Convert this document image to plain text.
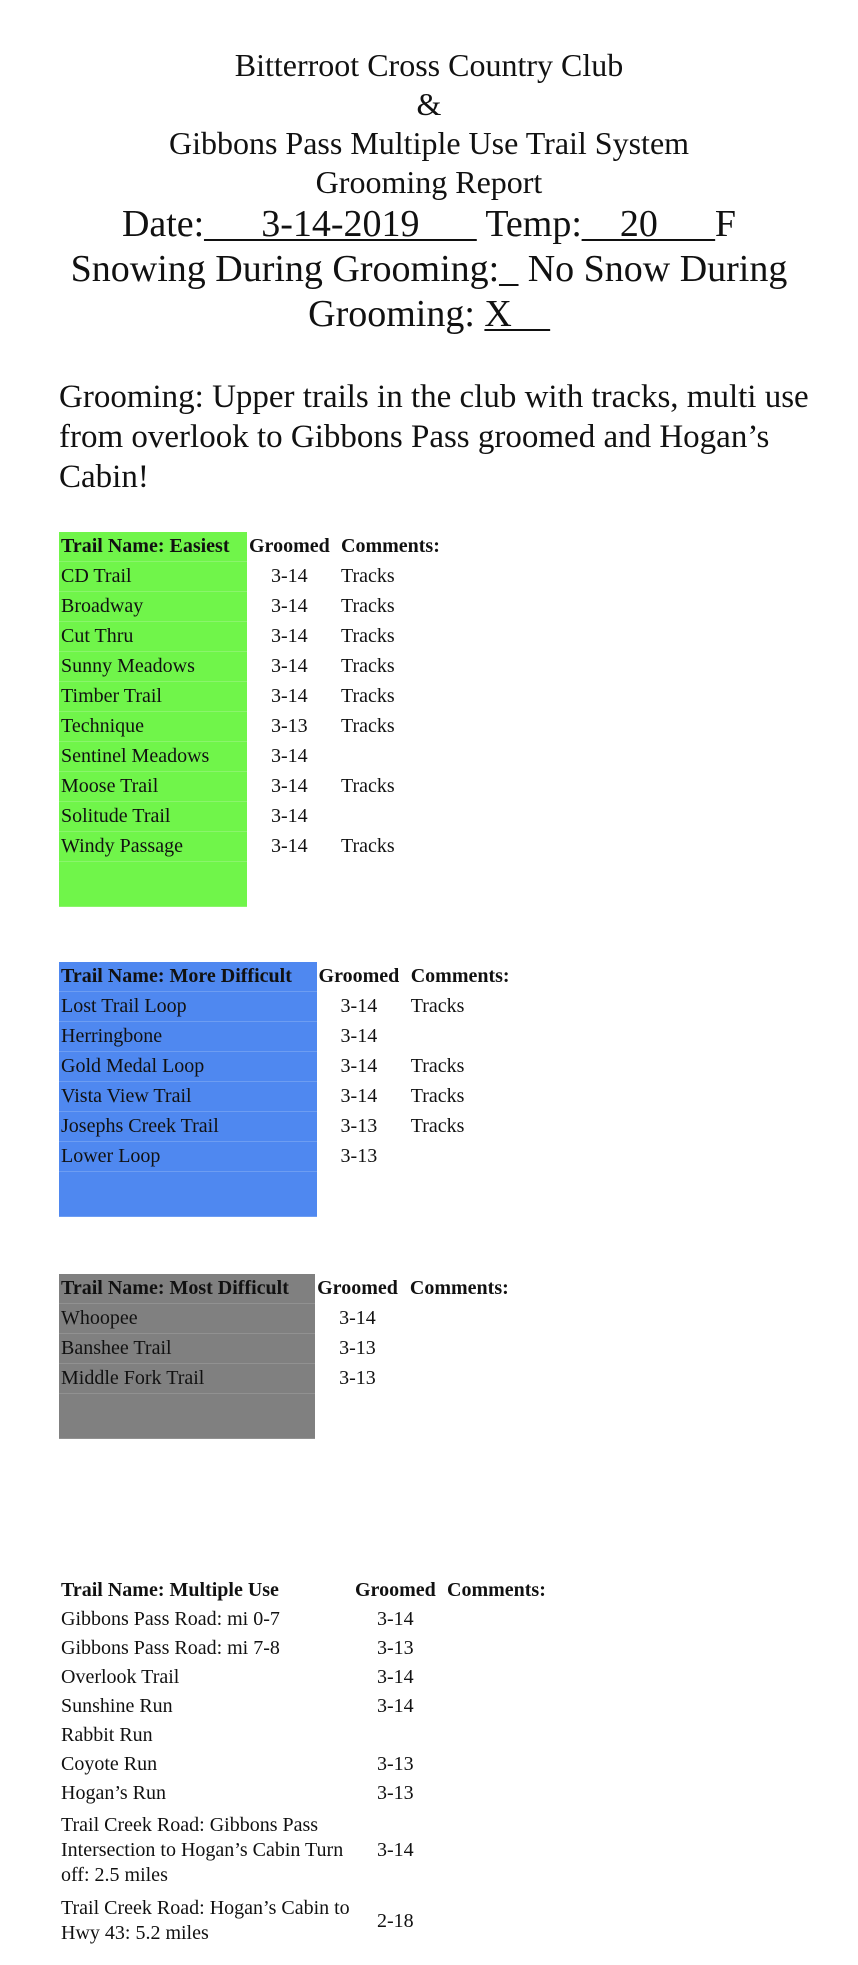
Bitterroot Cross Country Club
&
Gibbons Pass Multiple Use Trail System
Grooming Report
Date:___3-14-2019___ Temp:__20___F
Snowing During Grooming:_ No Snow During
Grooming: X__
Grooming: Upper trails in the club with tracks, multi use from overlook to Gibbons Pass groomed and Hogan’s Cabin!
Trail Name: Easiest	Groomed	Comments:
CD Trail	3-14	Tracks
Broadway	3-14	Tracks
Cut Thru	3-14	Tracks
Sunny Meadows	3-14	Tracks
Timber Trail	3-14	Tracks
Technique	3-13	Tracks
Sentinel Meadows	3-14	
Moose Trail	3-14	Tracks
Solitude Trail	3-14	
Windy Passage	3-14	Tracks

Trail Name: More Difficult	Groomed	Comments:
Lost Trail Loop	3-14	Tracks
Herringbone	3-14	
Gold Medal Loop	3-14	Tracks
Vista View Trail	3-14	Tracks
Josephs Creek Trail	3-13	Tracks
Lower Loop	3-13	

Trail Name: Most Difficult	Groomed	Comments:
Whoopee	3-14	
Banshee Trail	3-13	
Middle Fork Trail	3-13	

Trail Name: Multiple Use	Groomed	Comments:
Gibbons Pass Road: mi 0-7	3-14	
Gibbons Pass Road: mi 7-8	3-13	
Overlook Trail	3-14	
Sunshine Run	3-14	
Rabbit Run		
Coyote Run	3-13	
Hogan’s Run	3-13	
Trail Creek Road: Gibbons Pass Intersection to Hogan’s Cabin Turn off: 2.5 miles	3-14	
Trail Creek Road: Hogan’s Cabin to Hwy 43: 5.2 miles	2-18	
